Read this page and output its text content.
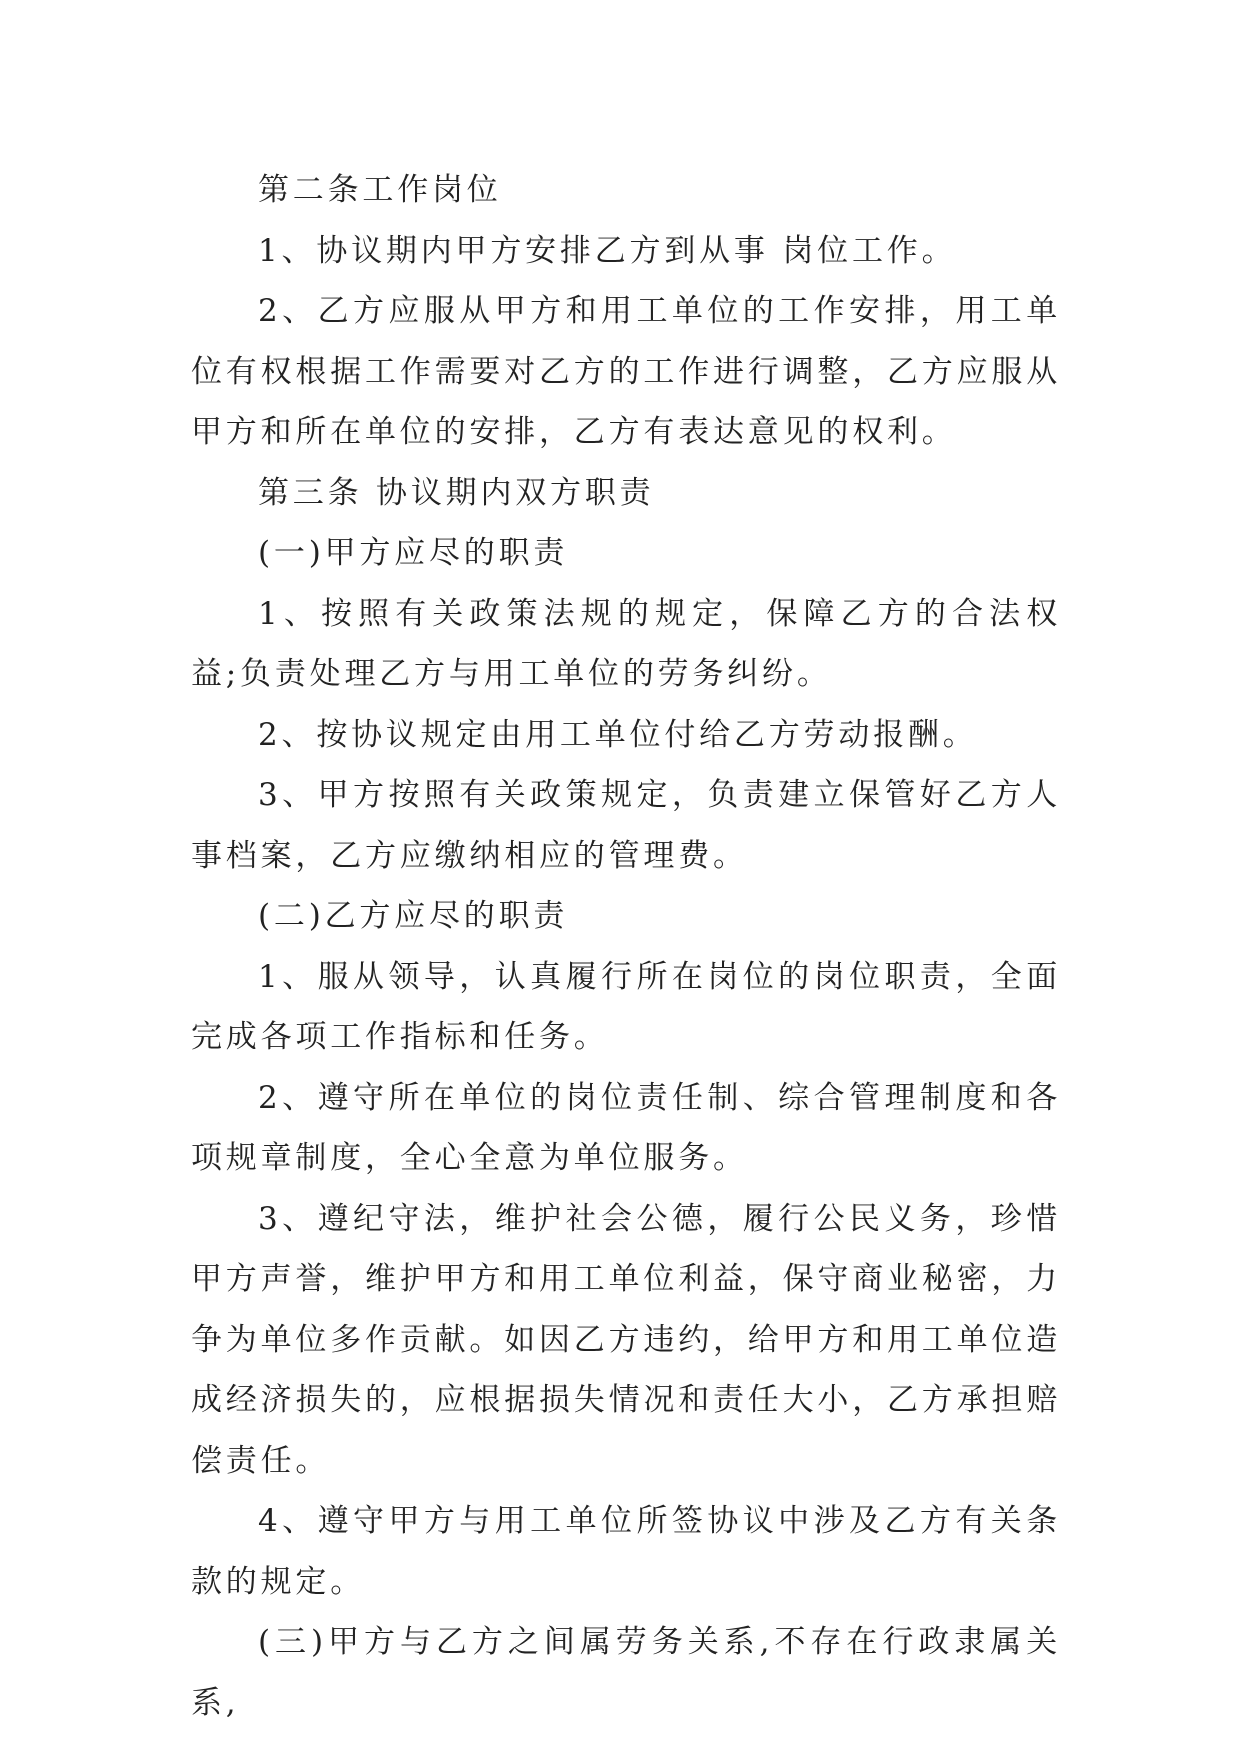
第二条工作岗位

1、协议期内甲方安排乙方到从事 岗位工作。

2、乙方应服从甲方和用工单位的工作安排，用工单位有权根据工作需要对乙方的工作进行调整，乙方应服从甲方和所在单位的安排，乙方有表达意见的权利。

第三条 协议期内双方职责

(一)甲方应尽的职责

1、按照有关政策法规的规定，保障乙方的合法权益;负责处理乙方与用工单位的劳务纠纷。

2、按协议规定由用工单位付给乙方劳动报酬。

3、甲方按照有关政策规定，负责建立保管好乙方人事档案，乙方应缴纳相应的管理费。

(二)乙方应尽的职责

1、服从领导，认真履行所在岗位的岗位职责，全面完成各项工作指标和任务。

2、遵守所在单位的岗位责任制、综合管理制度和各项规章制度，全心全意为单位服务。

3、遵纪守法，维护社会公德，履行公民义务，珍惜甲方声誉，维护甲方和用工单位利益，保守商业秘密，力争为单位多作贡献。如因乙方违约，给甲方和用工单位造成经济损失的，应根据损失情况和责任大小，乙方承担赔偿责任。

4、遵守甲方与用工单位所签协议中涉及乙方有关条款的规定。

(三)甲方与乙方之间属劳务关系,不存在行政隶属关系,
